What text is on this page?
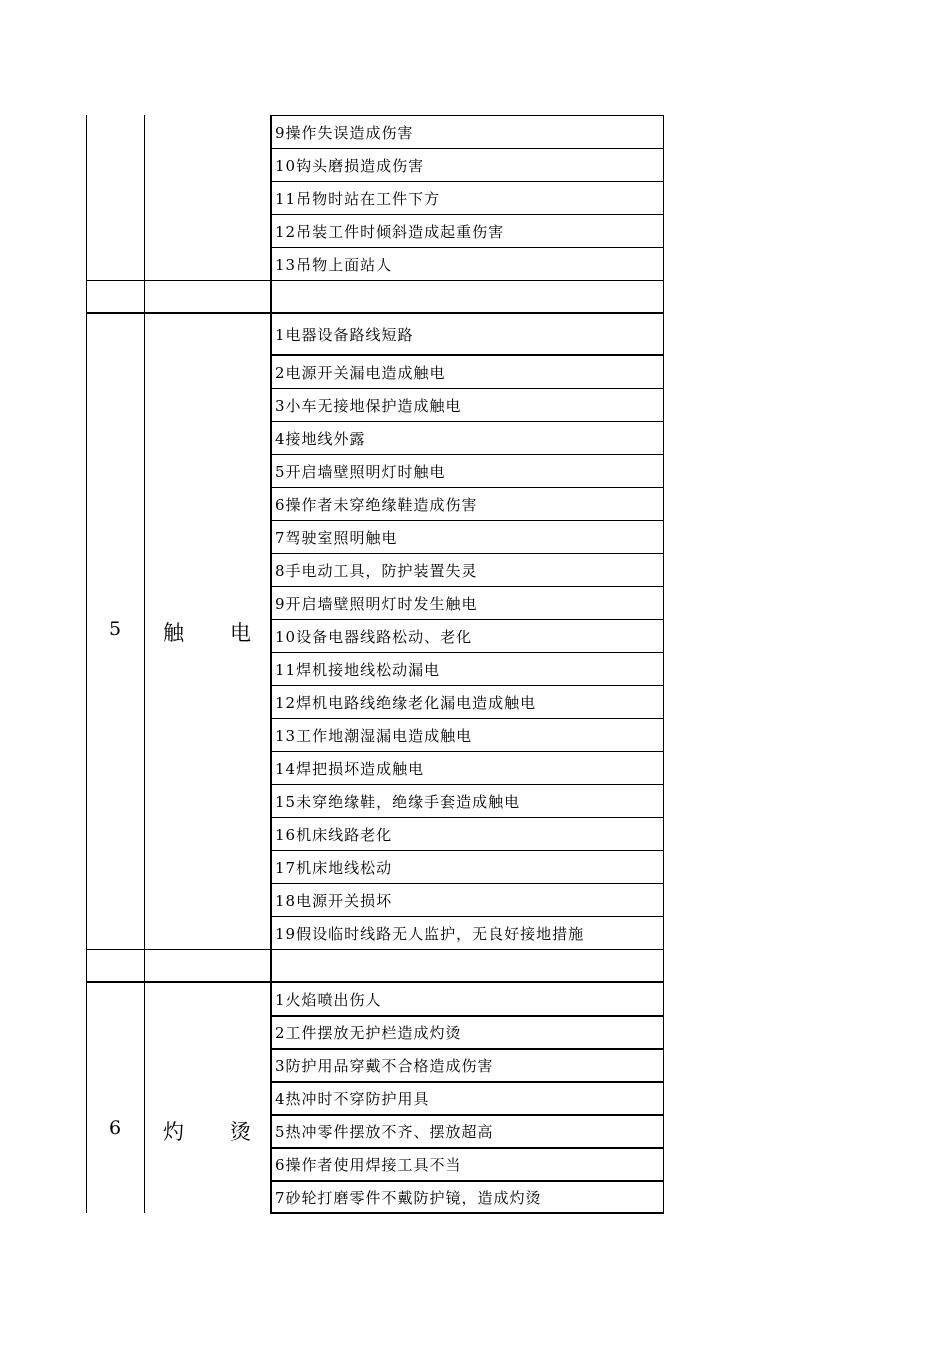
9操作失误造成伤害
10钩头磨损造成伤害
11吊物时站在工件下方
12吊装工件时倾斜造成起重伤害
13吊物上面站人
5	触 电
1电器设备路线短路
2电源开关漏电造成触电
3小车无接地保护造成触电
4接地线外露
5开启墙壁照明灯时触电
6操作者未穿绝缘鞋造成伤害
7驾驶室照明触电
8手电动工具，防护装置失灵
9开启墙壁照明灯时发生触电
10设备电器线路松动、老化
11焊机接地线松动漏电
12焊机电路线绝缘老化漏电造成触电
13工作地潮湿漏电造成触电
14焊把损坏造成触电
15未穿绝缘鞋，绝缘手套造成触电
16机床线路老化
17机床地线松动
18电源开关损坏
19假设临时线路无人监护，无良好接地措施
6	灼 烫
1火焰喷出伤人
2工件摆放无护栏造成灼烫
3防护用品穿戴不合格造成伤害
4热冲时不穿防护用具
5热冲零件摆放不齐、摆放超高
6操作者使用焊接工具不当
7砂轮打磨零件不戴防护镜，造成灼烫
